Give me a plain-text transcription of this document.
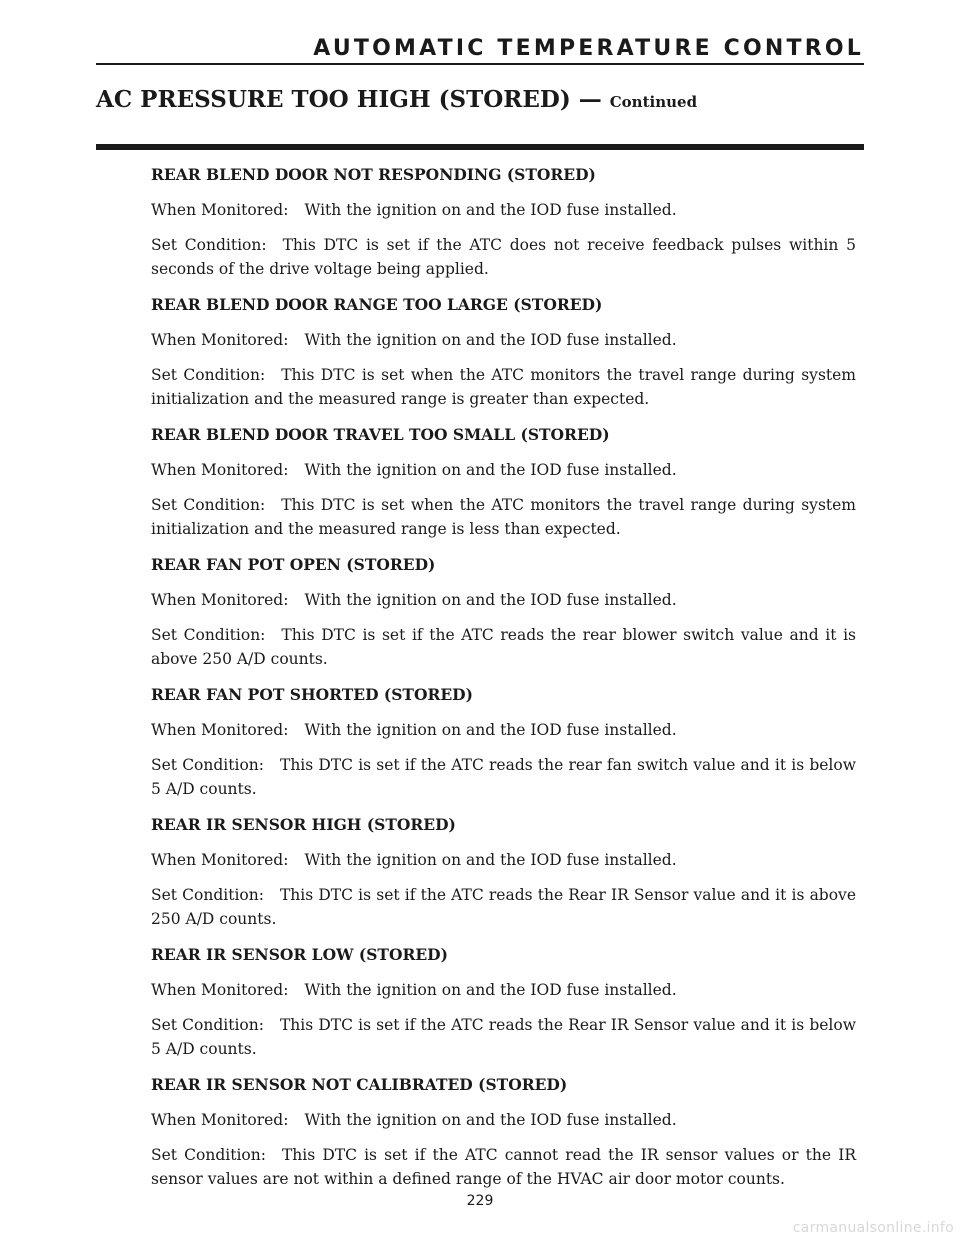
AUTOMATIC TEMPERATURE CONTROL
AC PRESSURE TOO HIGH (STORED) — Continued
REAR BLEND DOOR NOT RESPONDING (STORED)
When Monitored: With the ignition on and the IOD fuse installed.
Set Condition: This DTC is set if the ATC does not receive feedback pulses within 5 seconds of the drive voltage being applied.
REAR BLEND DOOR RANGE TOO LARGE (STORED)
When Monitored: With the ignition on and the IOD fuse installed.
Set Condition: This DTC is set when the ATC monitors the travel range during system initialization and the measured range is greater than expected.
REAR BLEND DOOR TRAVEL TOO SMALL (STORED)
When Monitored: With the ignition on and the IOD fuse installed.
Set Condition: This DTC is set when the ATC monitors the travel range during system initialization and the measured range is less than expected.
REAR FAN POT OPEN (STORED)
When Monitored: With the ignition on and the IOD fuse installed.
Set Condition: This DTC is set if the ATC reads the rear blower switch value and it is above 250 A/D counts.
REAR FAN POT SHORTED (STORED)
When Monitored: With the ignition on and the IOD fuse installed.
Set Condition: This DTC is set if the ATC reads the rear fan switch value and it is below 5 A/D counts.
REAR IR SENSOR HIGH (STORED)
When Monitored: With the ignition on and the IOD fuse installed.
Set Condition: This DTC is set if the ATC reads the Rear IR Sensor value and it is above 250 A/D counts.
REAR IR SENSOR LOW (STORED)
When Monitored: With the ignition on and the IOD fuse installed.
Set Condition: This DTC is set if the ATC reads the Rear IR Sensor value and it is below 5 A/D counts.
REAR IR SENSOR NOT CALIBRATED (STORED)
When Monitored: With the ignition on and the IOD fuse installed.
Set Condition: This DTC is set if the ATC cannot read the IR sensor values or the IR sensor values are not within a defined range of the HVAC air door motor counts.
229
carmanualsonline.info
